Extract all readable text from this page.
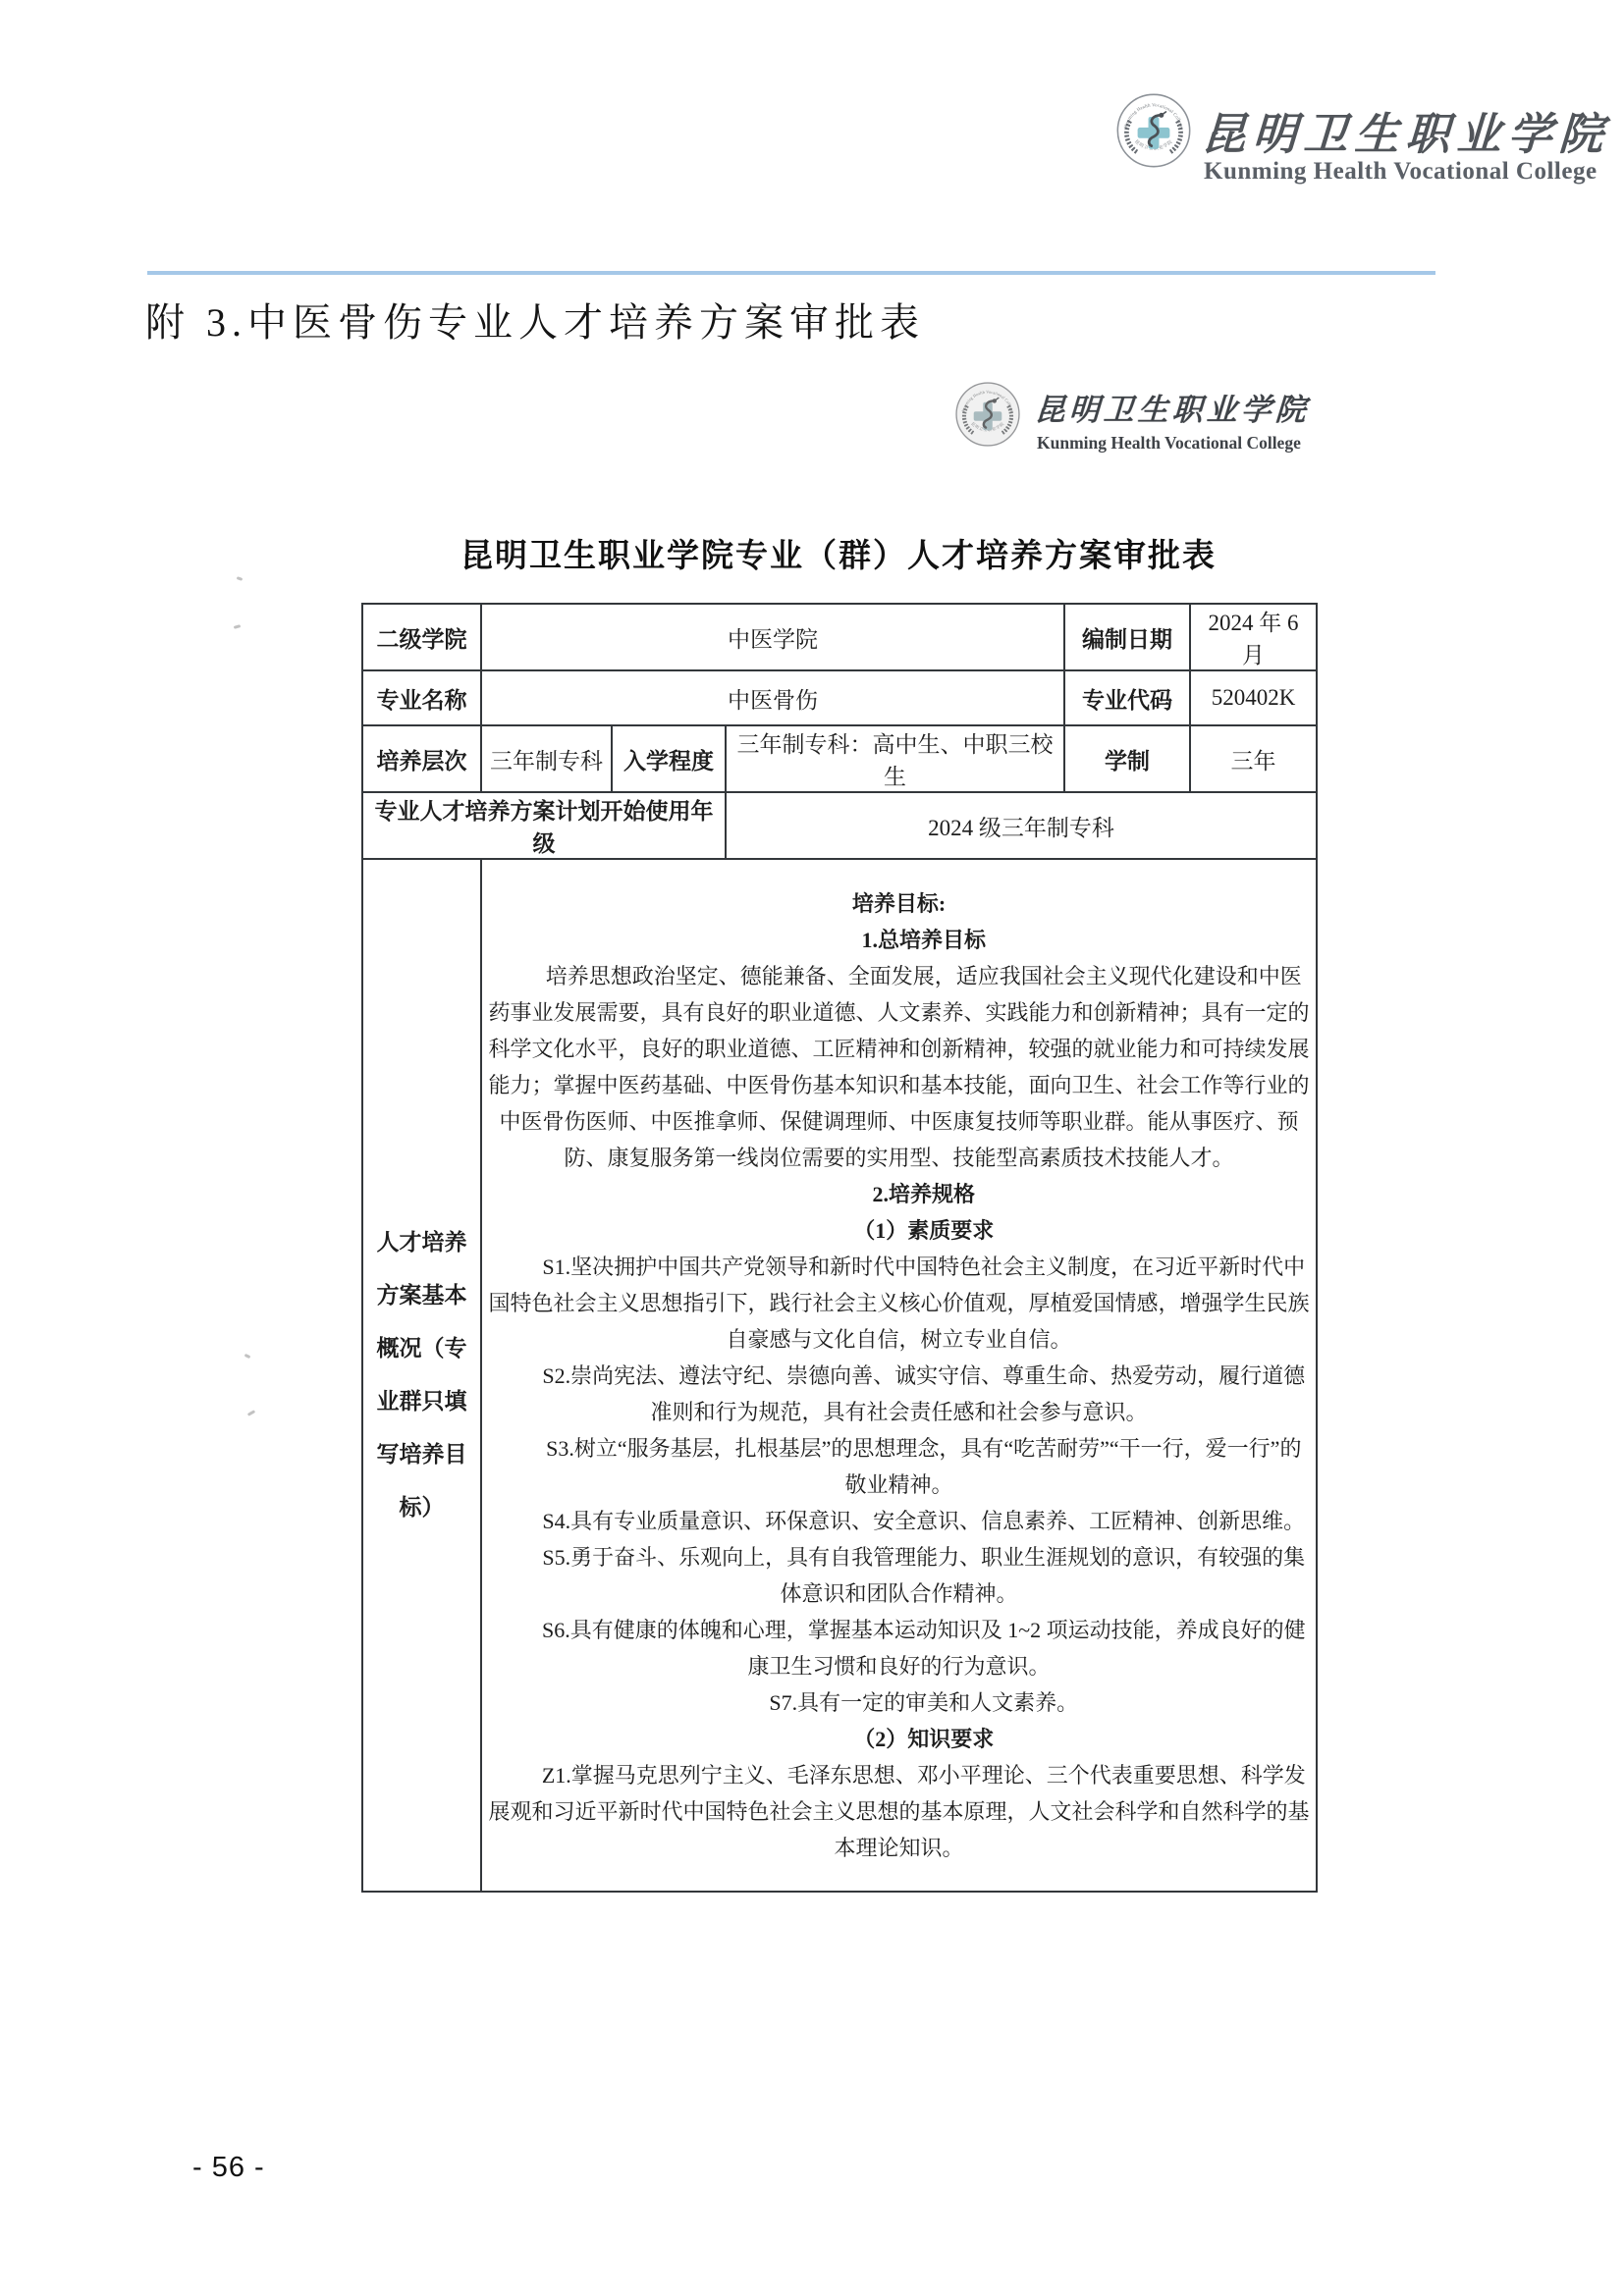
昆明卫生职业学院
Kunming Health Vocational College
附 3.中医骨伤专业人才培养方案审批表
昆明卫生职业学院
Kunming Health Vocational College
昆明卫生职业学院专业（群）人才培养方案审批表
二级学院	中医学院			编制日期	2024 年 6 月
专业名称	中医骨伤			专业代码	520402K
培养层次	三年制专科	入学程度	三年制专科：高中生、中职三校生	学制	三年
专业人才培养方案计划开始使用年级			2024 级三年制专科		
人才培养方案基本概况（专业群只填写培养目标）	

培养目标:

1.总培养目标

培养思想政治坚定、德能兼备、全面发展，适应我国社会主义现代化建设和中医药事业发展需要，具有良好的职业道德、人文素养、实践能力和创新精神；具有一定的科学文化水平，良好的职业道德、工匠精神和创新精神，较强的就业能力和可持续发展能力；掌握中医药基础、中医骨伤基本知识和基本技能，面向卫生、社会工作等行业的中医骨伤医师、中医推拿师、保健调理师、中医康复技师等职业群。能从事医疗、预防、康复服务第一线岗位需要的实用型、技能型高素质技术技能人才。

2.培养规格

（1）素质要求

S1.坚决拥护中国共产党领导和新时代中国特色社会主义制度，在习近平新时代中国特色社会主义思想指引下，践行社会主义核心价值观，厚植爱国情感，增强学生民族自豪感与文化自信，树立专业自信。

S2.崇尚宪法、遵法守纪、崇德向善、诚实守信、尊重生命、热爱劳动，履行道德准则和行为规范，具有社会责任感和社会参与意识。

S3.树立“服务基层，扎根基层”的思想理念，具有“吃苦耐劳”“干一行，爱一行”的敬业精神。

S4.具有专业质量意识、环保意识、安全意识、信息素养、工匠精神、创新思维。

S5.勇于奋斗、乐观向上，具有自我管理能力、职业生涯规划的意识，有较强的集体意识和团队合作精神。

S6.具有健康的体魄和心理，掌握基本运动知识及 1~2 项运动技能，养成良好的健康卫生习惯和良好的行为意识。

S7.具有一定的审美和人文素养。

（2）知识要求

Z1.掌握马克思列宁主义、毛泽东思想、邓小平理论、三个代表重要思想、科学发展观和习近平新时代中国特色社会主义思想的基本原理，人文社会科学和自然科学的基本理论知识。

- 56 -
